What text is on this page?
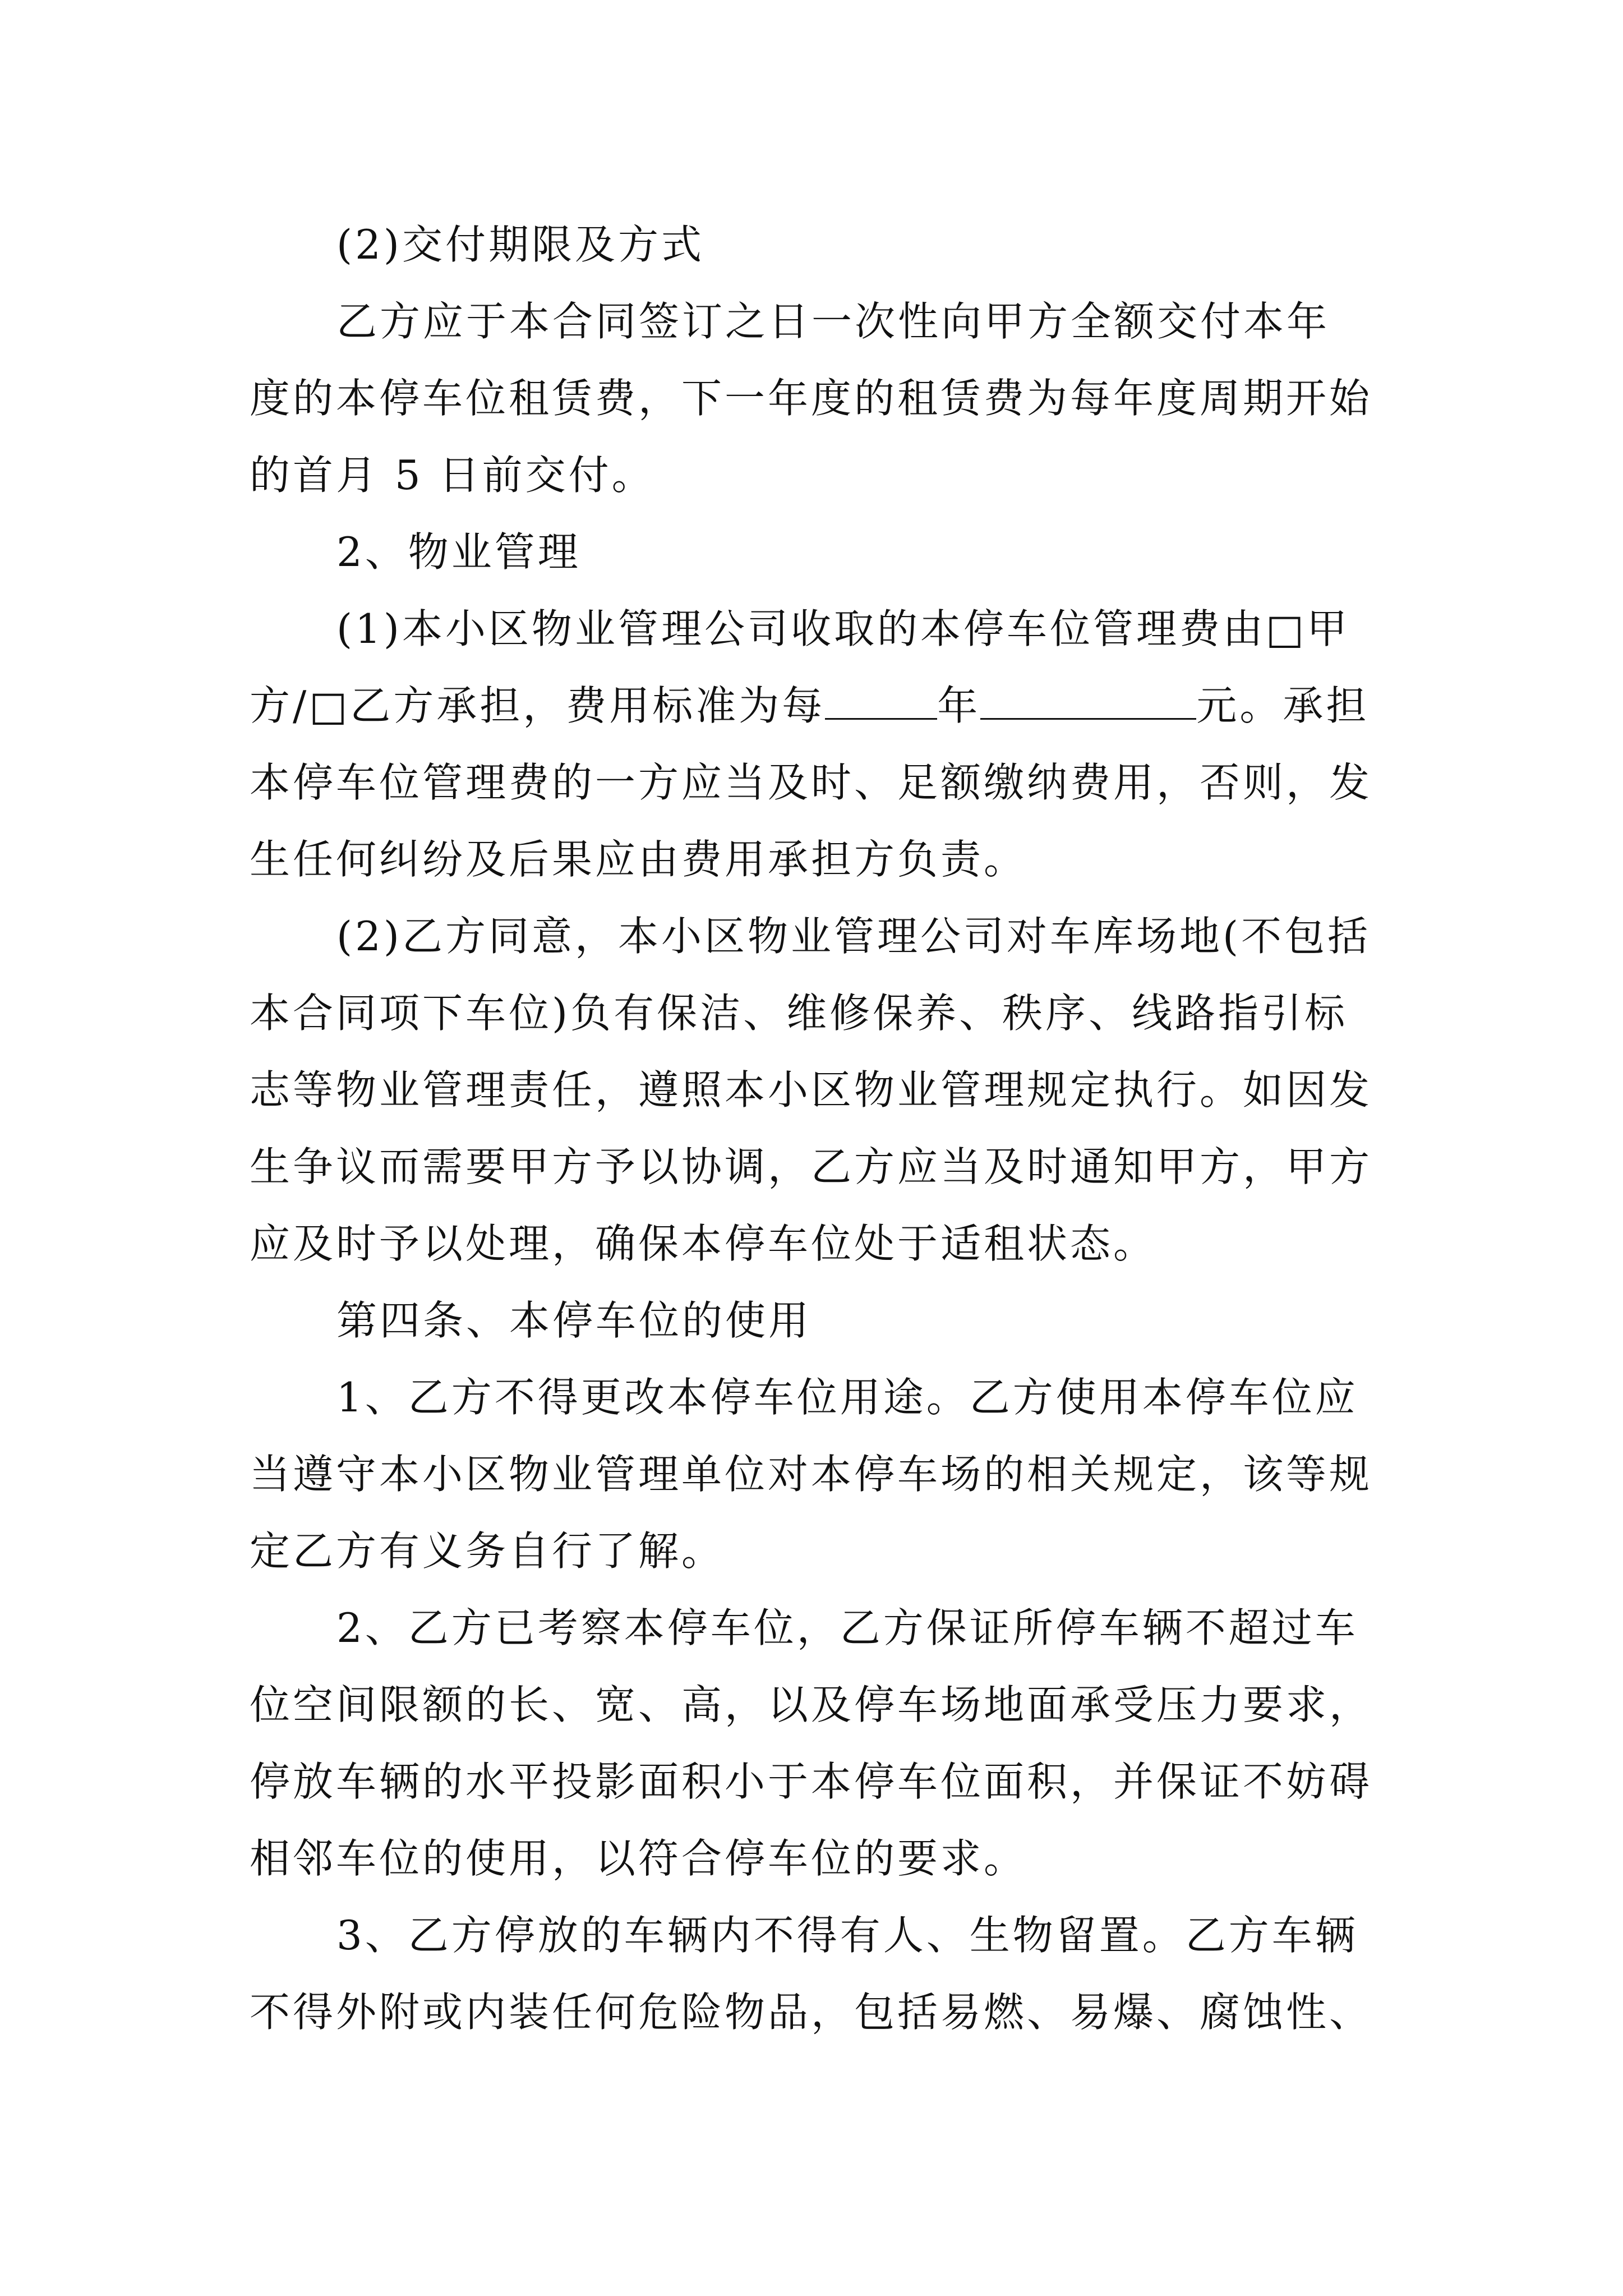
(2)交付期限及方式
乙方应于本合同签订之日一次性向甲方全额交付本年
度的本停车位租赁费，下一年度的租赁费为每年度周期开始
的首月 5 日前交付。
2、物业管理
(1)本小区物业管理公司收取的本停车位管理费由□甲
方/□乙方承担，费用标准为每	年	元。承担
本停车位管理费的一方应当及时、足额缴纳费用，否则，发
生任何纠纷及后果应由费用承担方负责。
(2)乙方同意，本小区物业管理公司对车库场地(不包括
本合同项下车位)负有保洁、维修保养、秩序、线路指引标
志等物业管理责任，遵照本小区物业管理规定执行。如因发
生争议而需要甲方予以协调，乙方应当及时通知甲方，甲方
应及时予以处理，确保本停车位处于适租状态。
第四条、本停车位的使用
1、乙方不得更改本停车位用途。乙方使用本停车位应
当遵守本小区物业管理单位对本停车场的相关规定，该等规
定乙方有义务自行了解。
2、乙方已考察本停车位，乙方保证所停车辆不超过车
位空间限额的长、宽、高，以及停车场地面承受压力要求，
停放车辆的水平投影面积小于本停车位面积，并保证不妨碍
相邻车位的使用，以符合停车位的要求。
3、乙方停放的车辆内不得有人、生物留置。乙方车辆
不得外附或内装任何危险物品，包括易燃、易爆、腐蚀性、
